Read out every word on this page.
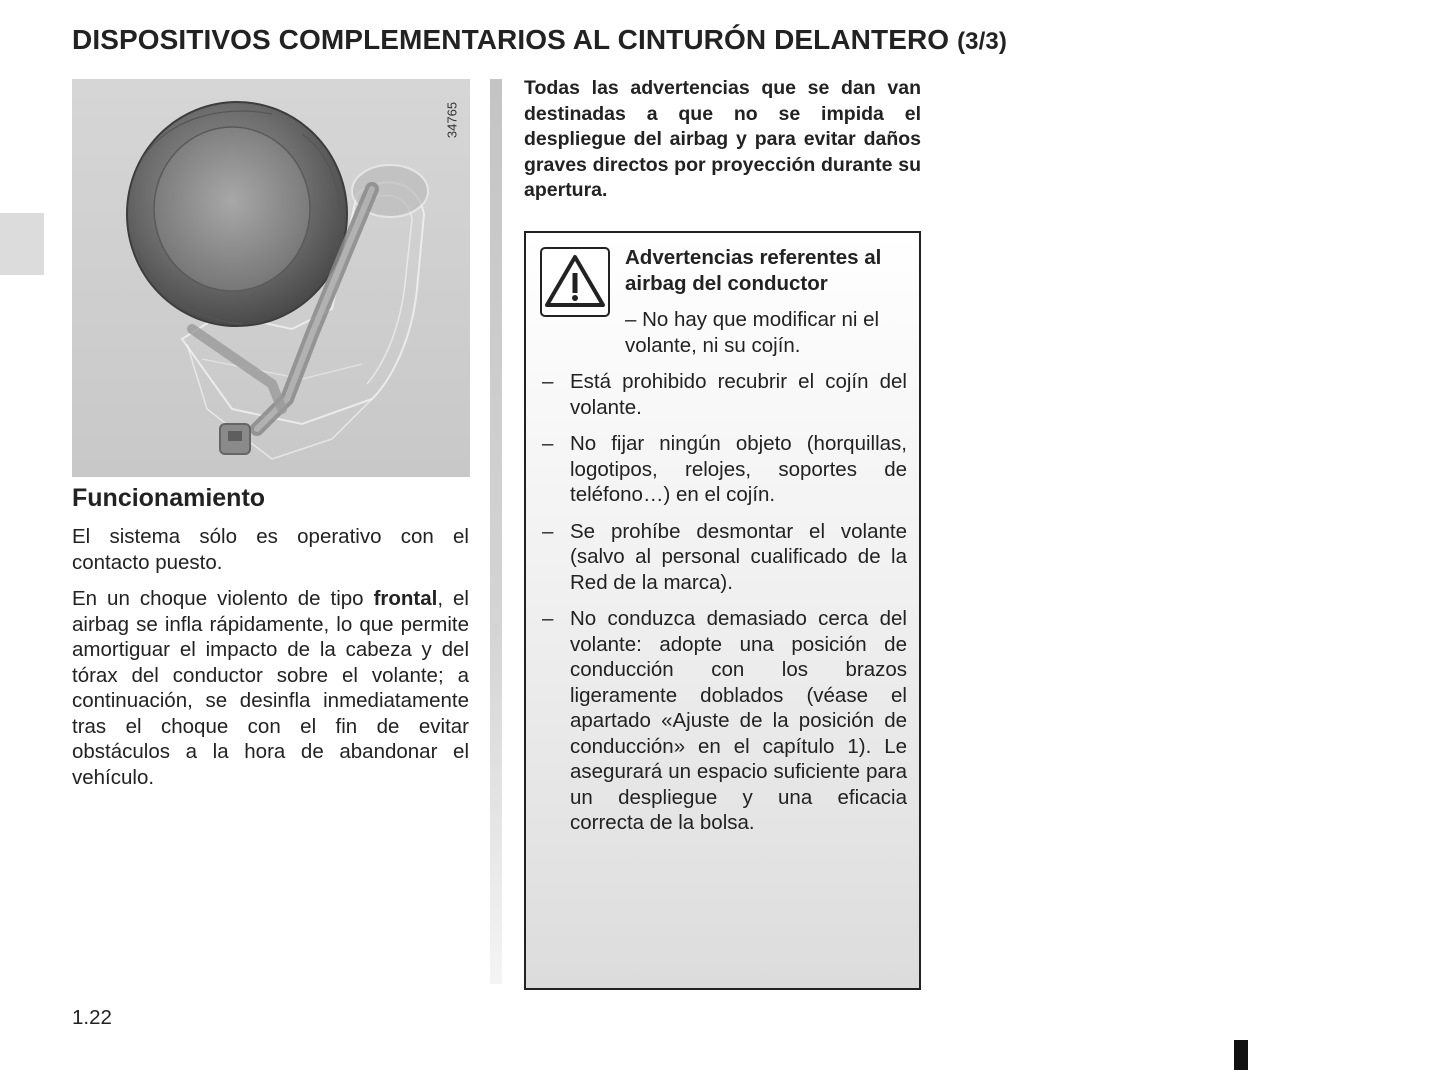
DISPOSITIVOS COMPLEMENTARIOS AL CINTURÓN DELANTERO (3/3)
34765
Funcionamiento
El sistema sólo es operativo con el contacto puesto.
En un choque violento de tipo frontal, el airbag se infla rápidamente, lo que permite amortiguar el impacto de la cabeza y del tórax del conductor sobre el volante; a continuación, se desinfla inmediatamente tras el choque con el fin de evitar obstáculos a la hora de abandonar el vehículo.
Todas las advertencias que se dan van destinadas a que no se impida el despliegue del airbag y para evitar daños graves directos por proyección durante su apertura.
Advertencias referentes al airbag del conductor
– No hay que modificar ni el volante, ni su cojín.
– Está prohibido recubrir el cojín del volante.
– No fijar ningún objeto (horquillas, logotipos, relojes, soportes de teléfono…) en el cojín.
– Se prohíbe desmontar el volante (salvo al personal cualificado de la Red de la marca).
– No conduzca demasiado cerca del volante: adopte una posición de conducción con los brazos ligeramente doblados (véase el apartado «Ajuste de la posición de conducción» en el capítulo 1). Le asegurará un espacio suficiente para un despliegue y una eficacia correcta de la bolsa.
1.22
